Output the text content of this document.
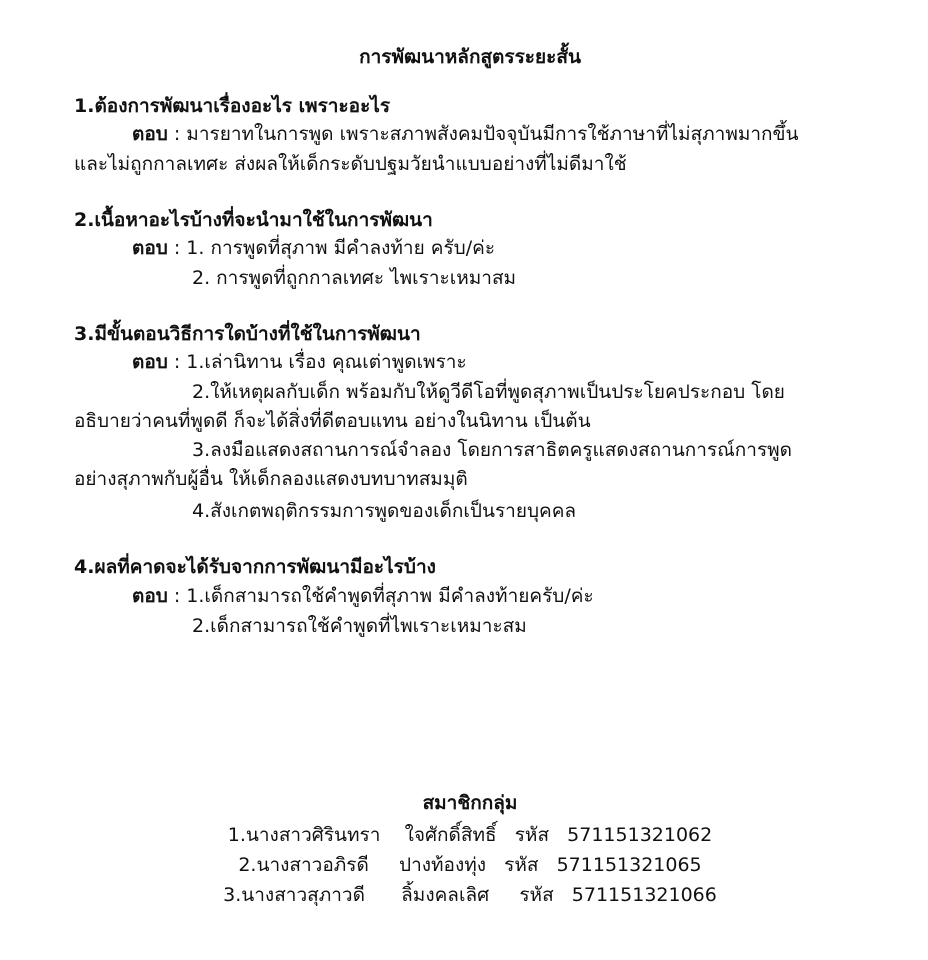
การพัฒนาหลักสูตรระยะสั้น
1.ต้องการพัฒนาเรื่องอะไร เพราะอะไร
ตอบ : มารยาทในการพูด เพราะสภาพสังคมปัจจุบันมีการใช้ภาษาที่ไม่สุภาพมากขึ้น
และไม่ถูกกาลเทศะ ส่งผลให้เด็กระดับปฐมวัยนำแบบอย่างที่ไม่ดีมาใช้
2.เนื้อหาอะไรบ้างที่จะนำมาใช้ในการพัฒนา
ตอบ : 1. การพูดที่สุภาพ มีคำลงท้าย ครับ/ค่ะ
2. การพูดที่ถูกกาลเทศะ ไพเราะเหมาสม
3.มีขั้นตอนวิธีการใดบ้างที่ใช้ในการพัฒนา
ตอบ : 1.เล่านิทาน เรื่อง คุณเต่าพูดเพราะ
2.ให้เหตุผลกับเด็ก พร้อมกับให้ดูวีดีโอที่พูดสุภาพเป็นประโยคประกอบ โดย
อธิบายว่าคนที่พูดดี ก็จะได้สิ่งที่ดีตอบแทน อย่างในนิทาน เป็นต้น
3.ลงมือแสดงสถานการณ์จำลอง โดยการสาธิตครูแสดงสถานการณ์การพูด
อย่างสุภาพกับผู้อื่น ให้เด็กลองแสดงบทบาทสมมุติ
4.สังเกตพฤติกรรมการพูดของเด็กเป็นรายบุคคล
4.ผลที่คาดจะได้รับจากการพัฒนามีอะไรบ้าง
ตอบ : 1.เด็กสามารถใช้คำพูดที่สุภาพ มีคำลงท้ายครับ/ค่ะ
2.เด็กสามารถใช้คำพูดที่ไพเราะเหมาะสม
สมาชิกกลุ่ม
1.นางสาวศิรินทรา    ใจศักดิ์สิทธิ์   รหัส   571151321062
2.นางสาวอภิรดี     ปางท้องทุ่ง   รหัส   571151321065
3.นางสาวสุภาวดี      ลิ้มงคลเลิศ     รหัส   571151321066
